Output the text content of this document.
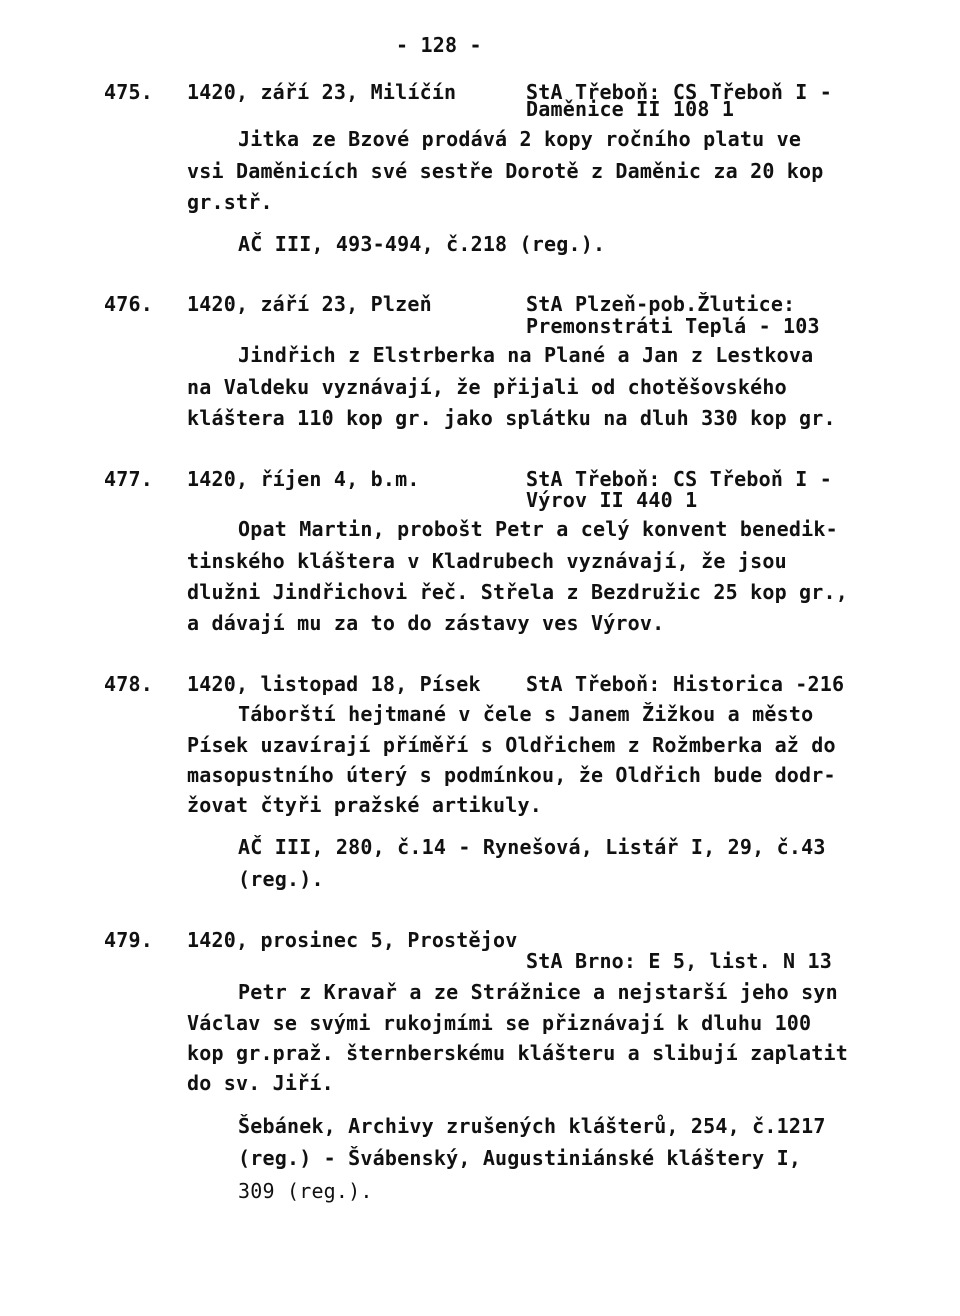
- 128 -
475. 1420, září 23, Milíčín	StA Třeboň: CS Třeboň I -
Daměnice II 108 1
Jitka ze Bzové prodává 2 kopy ročního platu ve
vsi Daměnicích své sestře Dorotě z Daměnic za 20 kop
gr.stř.
AČ III, 493-494, č.218 (reg.).
476. 1420, září 23, Plzeň	StA Plzeň-pob.Žlutice:
Premonstráti Teplá - 103
Jindřich z Elstrberka na Plané a Jan z Lestkova
na Valdeku vyznávají, že přijali od chotěšovského
kláštera 110 kop gr. jako splátku na dluh 330 kop gr.
477. 1420, říjen 4, b.m.	StA Třeboň: CS Třeboň I -
Výrov II 440 1
Opat Martin, probošt Petr a celý konvent benedik-
tinského kláštera v Kladrubech vyznávají, že jsou
dlužni Jindřichovi řeč. Střela z Bezdružic 25 kop gr.,
a dávají mu za to do zástavy ves Výrov.
478. 1420, listopad 18, Písek StA Třeboň: Historica -216
Táborští hejtmané v čele s Janem Žižkou a město
Písek uzavírají příměří s Oldřichem z Rožmberka až do
masopustního úterý s podmínkou, že Oldřich bude dodr-
žovat čtyři pražské artikuly.
AČ III, 280, č.14 - Rynešová, Listář I, 29, č.43
(reg.).
479. 1420, prosinec 5, Prostějov
StA Brno: E 5, list. N 13
Petr z Kravař a ze Strážnice a nejstarší jeho syn
Václav se svými rukojmími se přiznávají k dluhu 100
kop gr.praž. šternberskému klášteru a slibují zaplatit
do sv. Jiří.
Šebánek, Archivy zrušených klášterů, 254, č.1217
(reg.) - Švábenský, Augustiniánské kláštery I,
309 (reg.).
